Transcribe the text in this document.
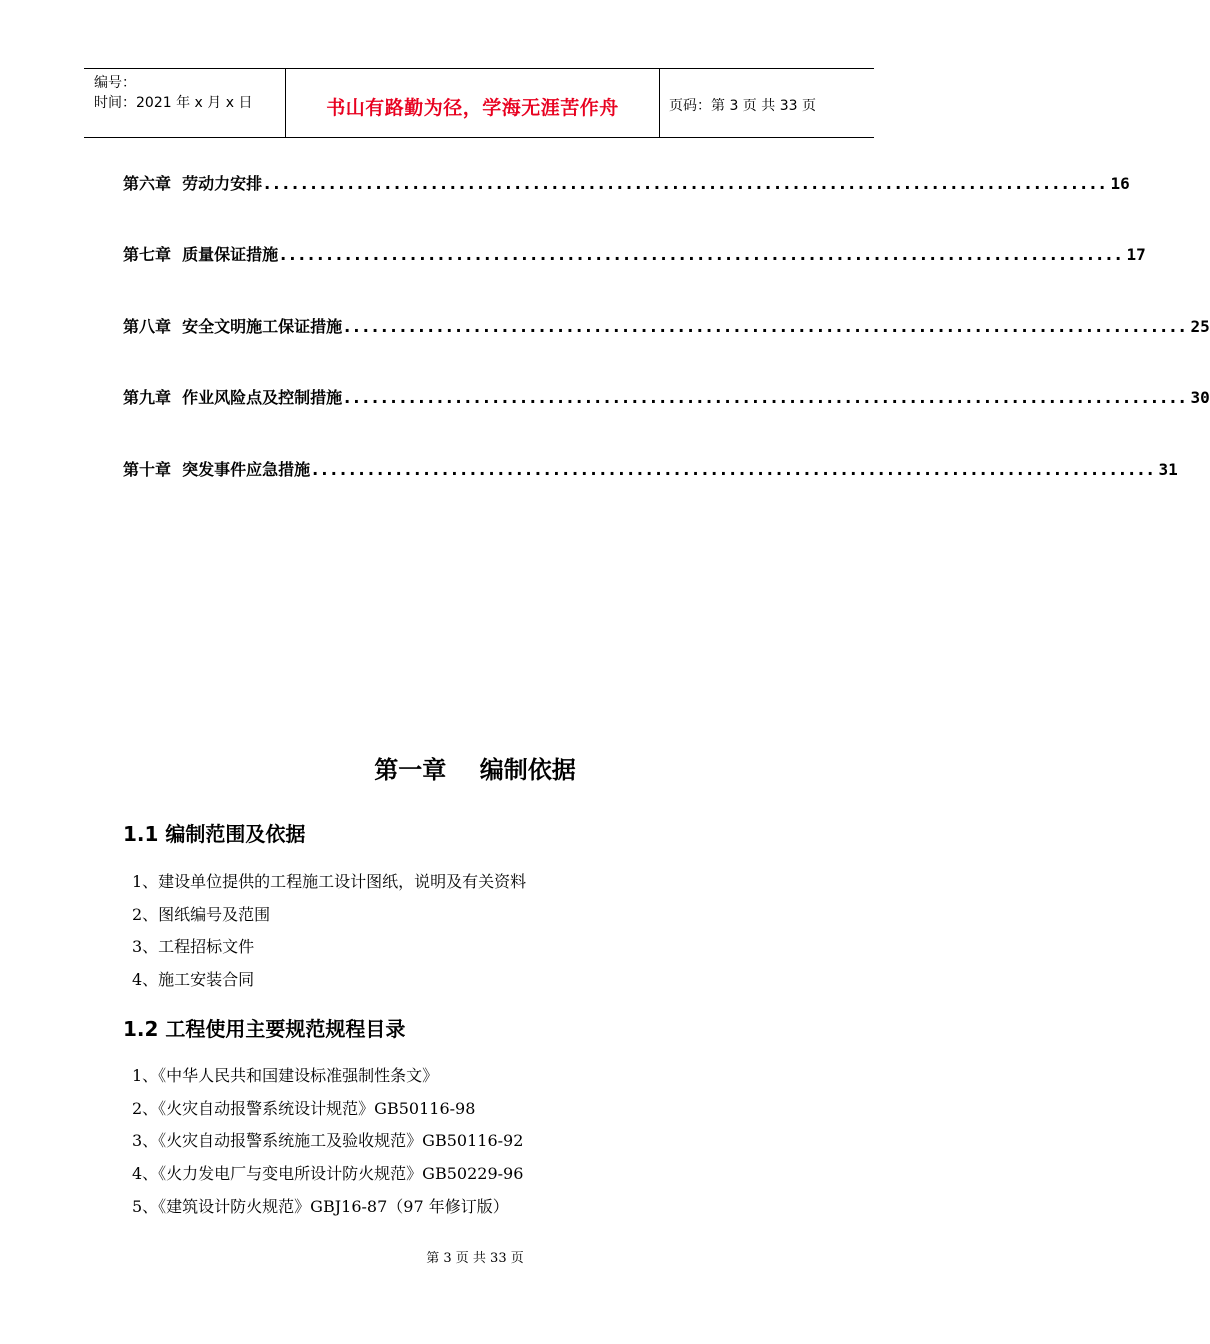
编号：
时间：2021 年 x 月 x 日	书山有路勤为径，学海无涯苦作舟	页码：第 3 页 共 33 页
第六章  劳动力安排 ........................................................................................... 16
第七章  质量保证措施 ........................................................................................... 17
第八章  安全文明施工保证措施 ........................................................................................... 25
第九章  作业风险点及控制措施 ........................................................................................... 30
第十章  突发事件应急措施 ........................................................................................... 31
第一章    编制依据
1.1 编制范围及依据
1、建设单位提供的工程施工设计图纸，说明及有关资料
2、图纸编号及范围
3、工程招标文件
4、施工安装合同
1.2 工程使用主要规范规程目录
1、《中华人民共和国建设标准强制性条文》
2、《火灾自动报警系统设计规范》GB50116-98
3、《火灾自动报警系统施工及验收规范》GB50116-92
4、《火力发电厂与变电所设计防火规范》GB50229-96
5、《建筑设计防火规范》GBJ16-87（97 年修订版）
第 3 页 共 33 页
